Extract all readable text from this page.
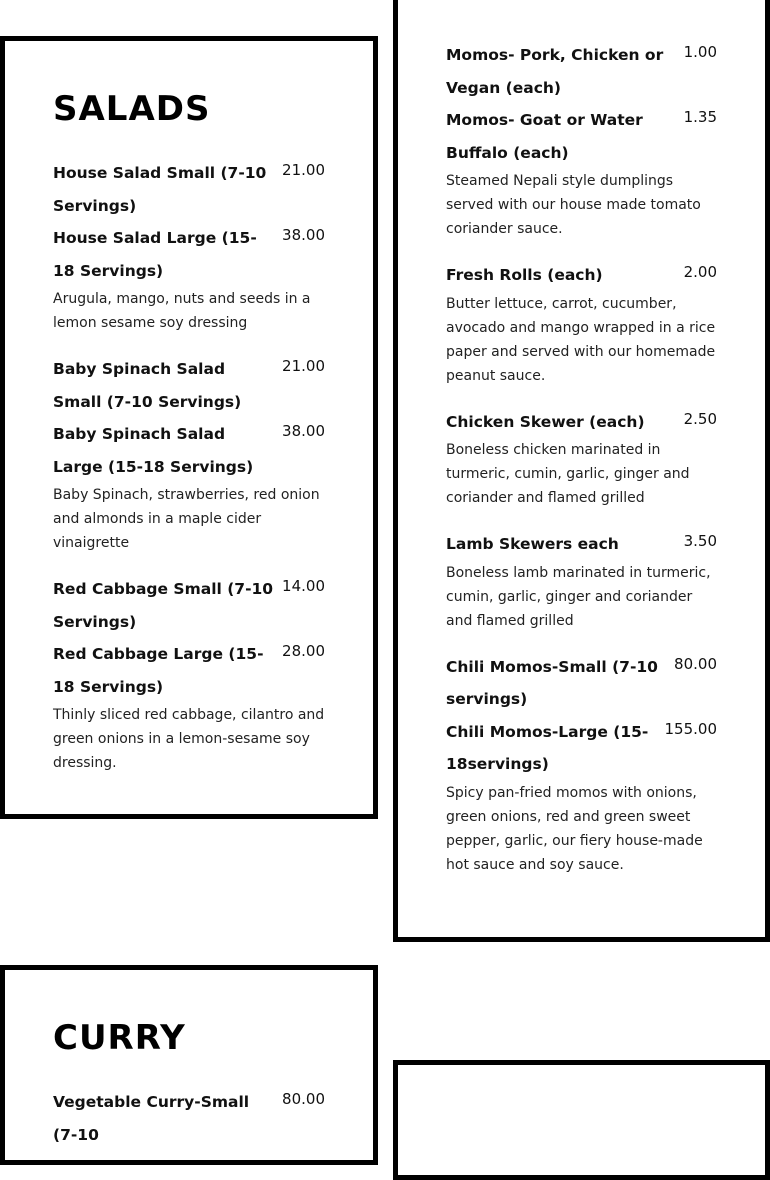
SALADS
House Salad Small (7-10 Servings)
21.00
House Salad Large (15-18 Servings)
38.00
Arugula, mango, nuts and seeds in a lemon sesame soy dressing
Baby Spinach Salad Small (7-10 Servings)
21.00
Baby Spinach Salad Large (15-18 Servings)
38.00
Baby Spinach, strawberries, red onion and almonds in a maple cider vinaigrette
Red Cabbage Small (7-10 Servings)
14.00
Red Cabbage Large (15-18 Servings)
28.00
Thinly sliced red cabbage, cilantro and green onions in a lemon-sesame soy dressing.
Momos- Pork, Chicken or Vegan (each)
1.00
Momos- Goat or Water Buffalo (each)
1.35
Steamed Nepali style dumplings served with our house made tomato coriander sauce.
Fresh Rolls (each)	2.00
Butter lettuce, carrot, cucumber, avocado and mango wrapped in a rice paper and served with our homemade peanut sauce.
Chicken Skewer (each)	2.50
Boneless chicken marinated in turmeric, cumin, garlic, ginger and coriander and flamed grilled
Lamb Skewers each	3.50
Boneless lamb marinated in turmeric, cumin, garlic, ginger and coriander and flamed grilled
Chili Momos-Small (7-10 servings)
80.00
Chili Momos-Large (15-18servings)
155.00
Spicy pan-fried momos with onions, green onions, red and green sweet pepper, garlic, our fiery house-made hot sauce and soy sauce.
CURRY
Vegetable Curry-Small (7-10
80.00
